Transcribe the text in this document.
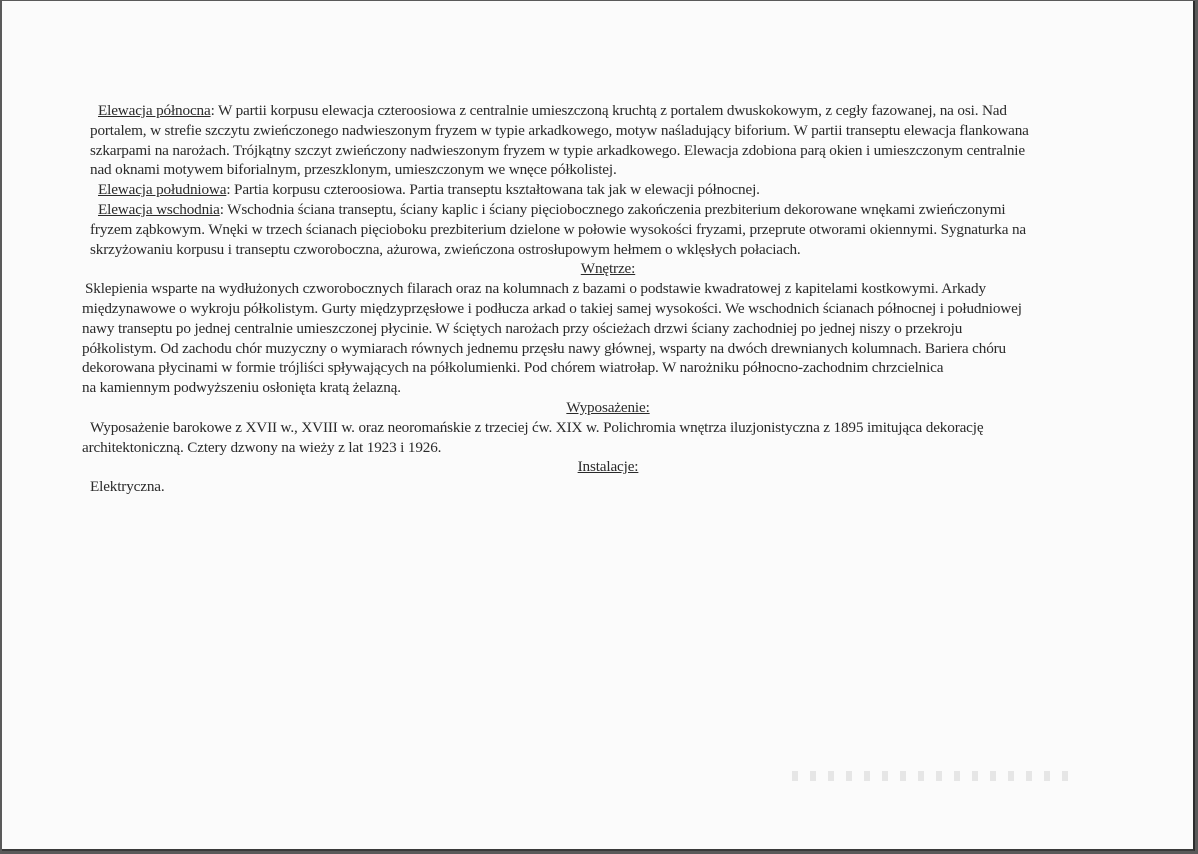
Elewacja północna: W partii korpusu elewacja czteroosiowa z centralnie umieszczoną kruchtą z portalem dwuskokowym, z cegły fazowanej, na osi. Nad
portalem, w strefie szczytu zwieńczonego nadwieszonym fryzem w typie arkadkowego, motyw naśladujący biforium. W partii transeptu elewacja flankowana
szkarpami na narożach. Trójkątny szczyt zwieńczony nadwieszonym fryzem w typie arkadkowego. Elewacja zdobiona parą okien i umieszczonym centralnie
nad oknami motywem biforialnym, przeszklonym, umieszczonym we wnęce półkolistej.

Elewacja południowa: Partia korpusu czteroosiowa. Partia transeptu kształtowana tak jak w elewacji północnej.

Elewacja wschodnia: Wschodnia ściana transeptu, ściany kaplic i ściany pięciobocznego zakończenia prezbiterium dekorowane wnękami zwieńczonymi
fryzem ząbkowym. Wnęki w trzech ścianach pięcioboku prezbiterium dzielone w połowie wysokości fryzami, przeprute otworami okiennymi. Sygnaturka na
skrzyżowaniu korpusu i transeptu czworoboczna, ażurowa, zwieńczona ostrosłupowym hełmem o wklęsłych połaciach.

Wnętrze:

Sklepienia wsparte na wydłużonych czworobocznych filarach oraz na kolumnach z bazami o podstawie kwadratowej z kapitelami kostkowymi. Arkady
międzynawowe o wykroju półkolistym. Gurty międzyprzęsłowe i podłucza arkad o takiej samej wysokości. We wschodnich ścianach północnej i południowej
nawy transeptu po jednej centralnie umieszczonej płycinie. W ściętych narożach przy ościeżach drzwi ściany zachodniej po jednej niszy o przekroju
półkolistym. Od zachodu chór muzyczny o wymiarach równych jednemu przęsłu nawy głównej, wsparty na dwóch drewnianych kolumnach. Bariera chóru
dekorowana płycinami w formie trójliści spływających na półkolumienki. Pod chórem wiatrołap. W narożniku północno-zachodnim chrzcielnica
na kamiennym podwyższeniu osłonięta kratą żelazną.

Wyposażenie:

Wyposażenie barokowe z XVII w., XVIII w. oraz neoromańskie z trzeciej ćw. XIX w. Polichromia wnętrza iluzjonistyczna z 1895 imitująca dekorację
architektoniczną. Cztery dzwony na wieży z lat 1923 i 1926.

Instalacje:

Elektryczna.
